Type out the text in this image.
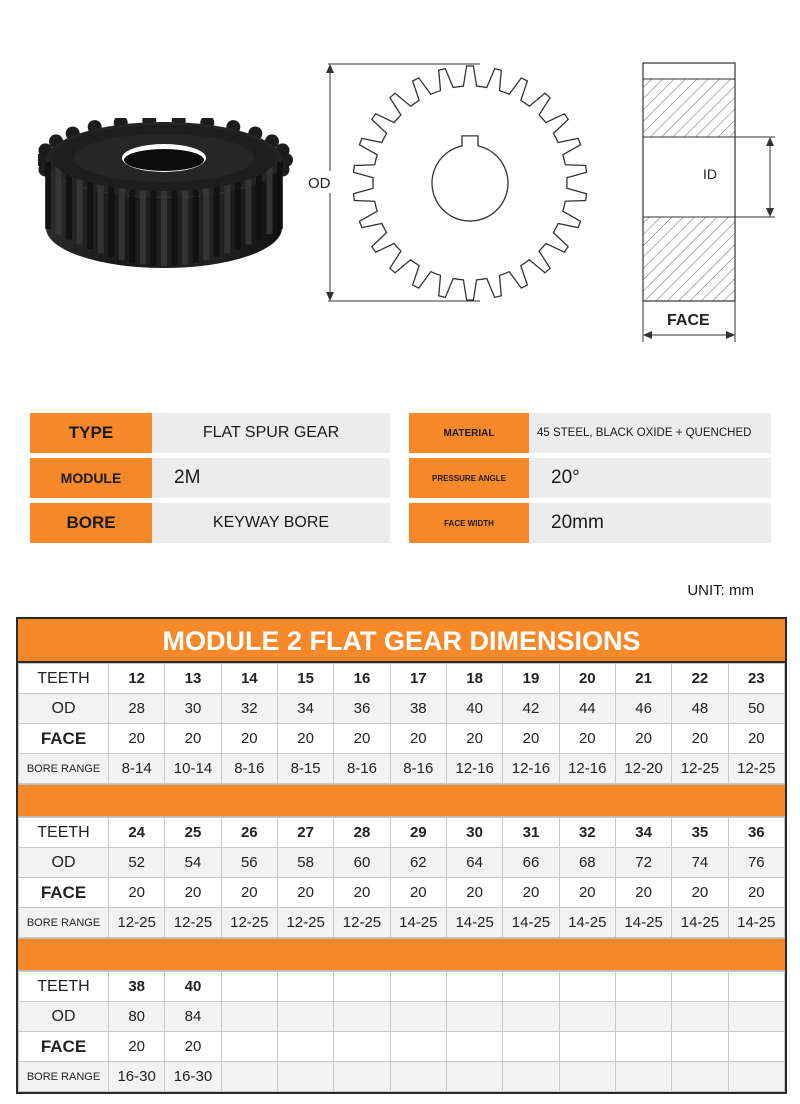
OD
ID
FACE
TYPE	FLAT SPUR GEAR
MODULE	2M
BORE	KEYWAY BORE
MATERIAL	45 STEEL, BLACK OXIDE + QUENCHED
PRESSURE ANGLE	20°
FACE WIDTH	20mm
UNIT: mm
MODULE 2 FLAT GEAR DIMENSIONS
TEETH	12	13	14	15	16	17	18	19	20	21	22	23
OD	28	30	32	34	36	38	40	42	44	46	48	50
FACE	20	20	20	20	20	20	20	20	20	20	20	20
BORE RANGE	8-14	10-14	8-16	8-15	8-16	8-16	12-16	12-16	12-16	12-20	12-25	12-25
TEETH	24	25	26	27	28	29	30	31	32	34	35	36
OD	52	54	56	58	60	62	64	66	68	72	74	76
FACE	20	20	20	20	20	20	20	20	20	20	20	20
BORE RANGE	12-25	12-25	12-25	12-25	12-25	14-25	14-25	14-25	14-25	14-25	14-25	14-25
TEETH	38	40										
OD	80	84										
FACE	20	20										
BORE RANGE	16-30	16-30										
